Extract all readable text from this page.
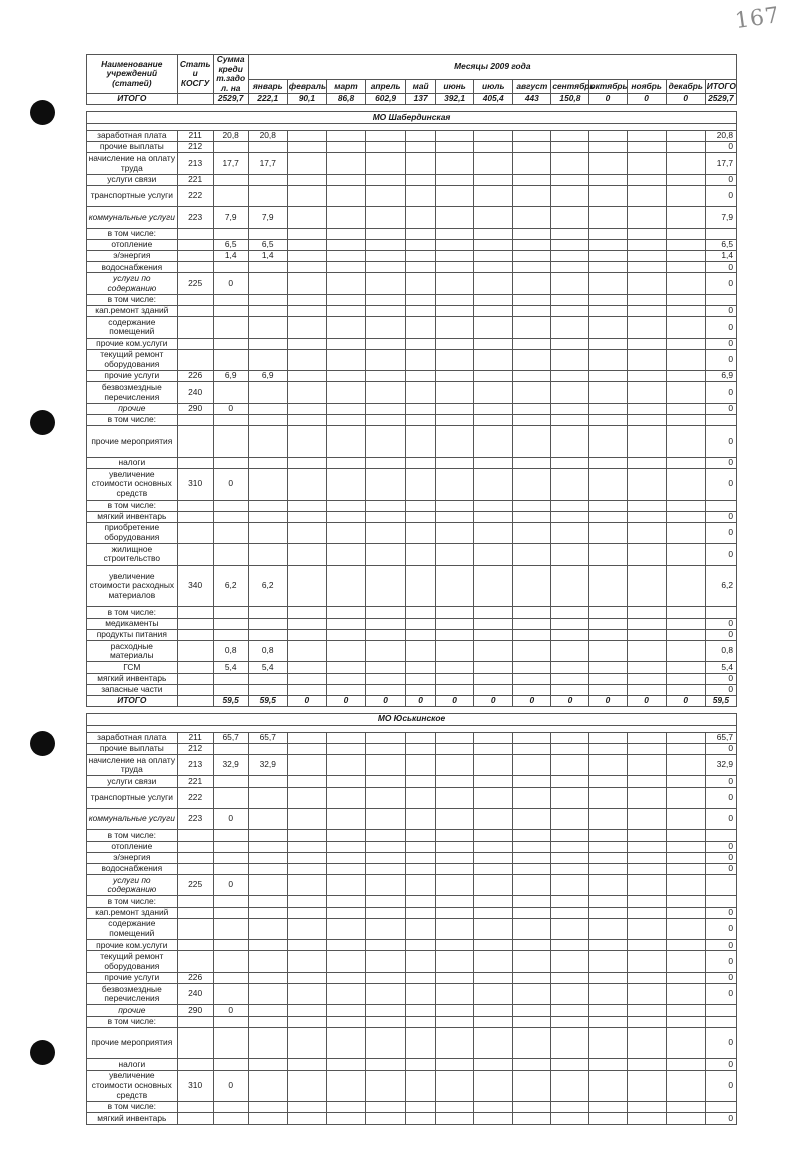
167
Наименование учреждений (статей)	Стать и КОСГУ	Сумма креди т.задо л. на	Месяцы 2009 года												
			январь	февраль	март	апрель	май	июнь	июль	август	сентябрь	октябрь	ноябрь	декабрь	ИТОГО
ИТОГО		2529,7	222,1	90,1	86,8	602,9	137	392,1	405,4	443	150,8	0	0	0	2529,7

МО Шабердинская															

заработная плата	211	20,8	20,8												20,8
прочие выплаты	212														0
начисление на оплату труда	213	17,7	17,7												17,7
услуги связи	221														0
транспортные услуги	222														0
коммунальные услуги	223	7,9	7,9												7,9
в том числе:															
отопление		6,5	6,5												6,5
э/энергия		1,4	1,4												1,4
водоснабжения															0
услуги по содержанию	225	0													0
в том числе:															
кап.ремонт зданий															0
содержание помещений															0
прочие ком.услуги															0
текущий ремонт оборудования															0
прочие услуги	226	6,9	6,9												6,9
безвозмездные перечисления	240														0
прочие	290	0													0
в том числе:															
прочие мероприятия															0
налоги															0
увеличение стоимости основных средств	310	0													0
в том числе:															
мягкий инвентарь															0
приобретение оборудования															0
жилищное строительство															0
увеличение стоимости расходных материалов	340	6,2	6,2												6,2
в том числе:															
медикаменты															0
продукты питания															0
расходные материалы		0,8	0,8												0,8
ГСМ		5,4	5,4												5,4
мягкий инвентарь															0
запасные части															0
ИТОГО		59,5	59,5	0	0	0	0	0	0	0	0	0	0	0	59,5

МО Юськинское															

заработная плата	211	65,7	65,7												65,7
прочие выплаты	212														0
начисление на оплату труда	213	32,9	32,9												32,9
услуги связи	221														0
транспортные услуги	222														0
коммунальные услуги	223	0													0
в том числе:															
отопление															0
э/энергия															0
водоснабжения															0
услуги по содержанию	225	0													
в том числе:															
кап.ремонт зданий															0
содержание помещений															0
прочие ком.услуги															0
текущий ремонт оборудования															0
прочие услуги	226														0
безвозмездные перечисления	240														0
прочие	290	0													
в том числе:															
прочие мероприятия															0
налоги															0
увеличение стоимости основных средств	310	0													0
в том числе:															
мягкий инвентарь															0
